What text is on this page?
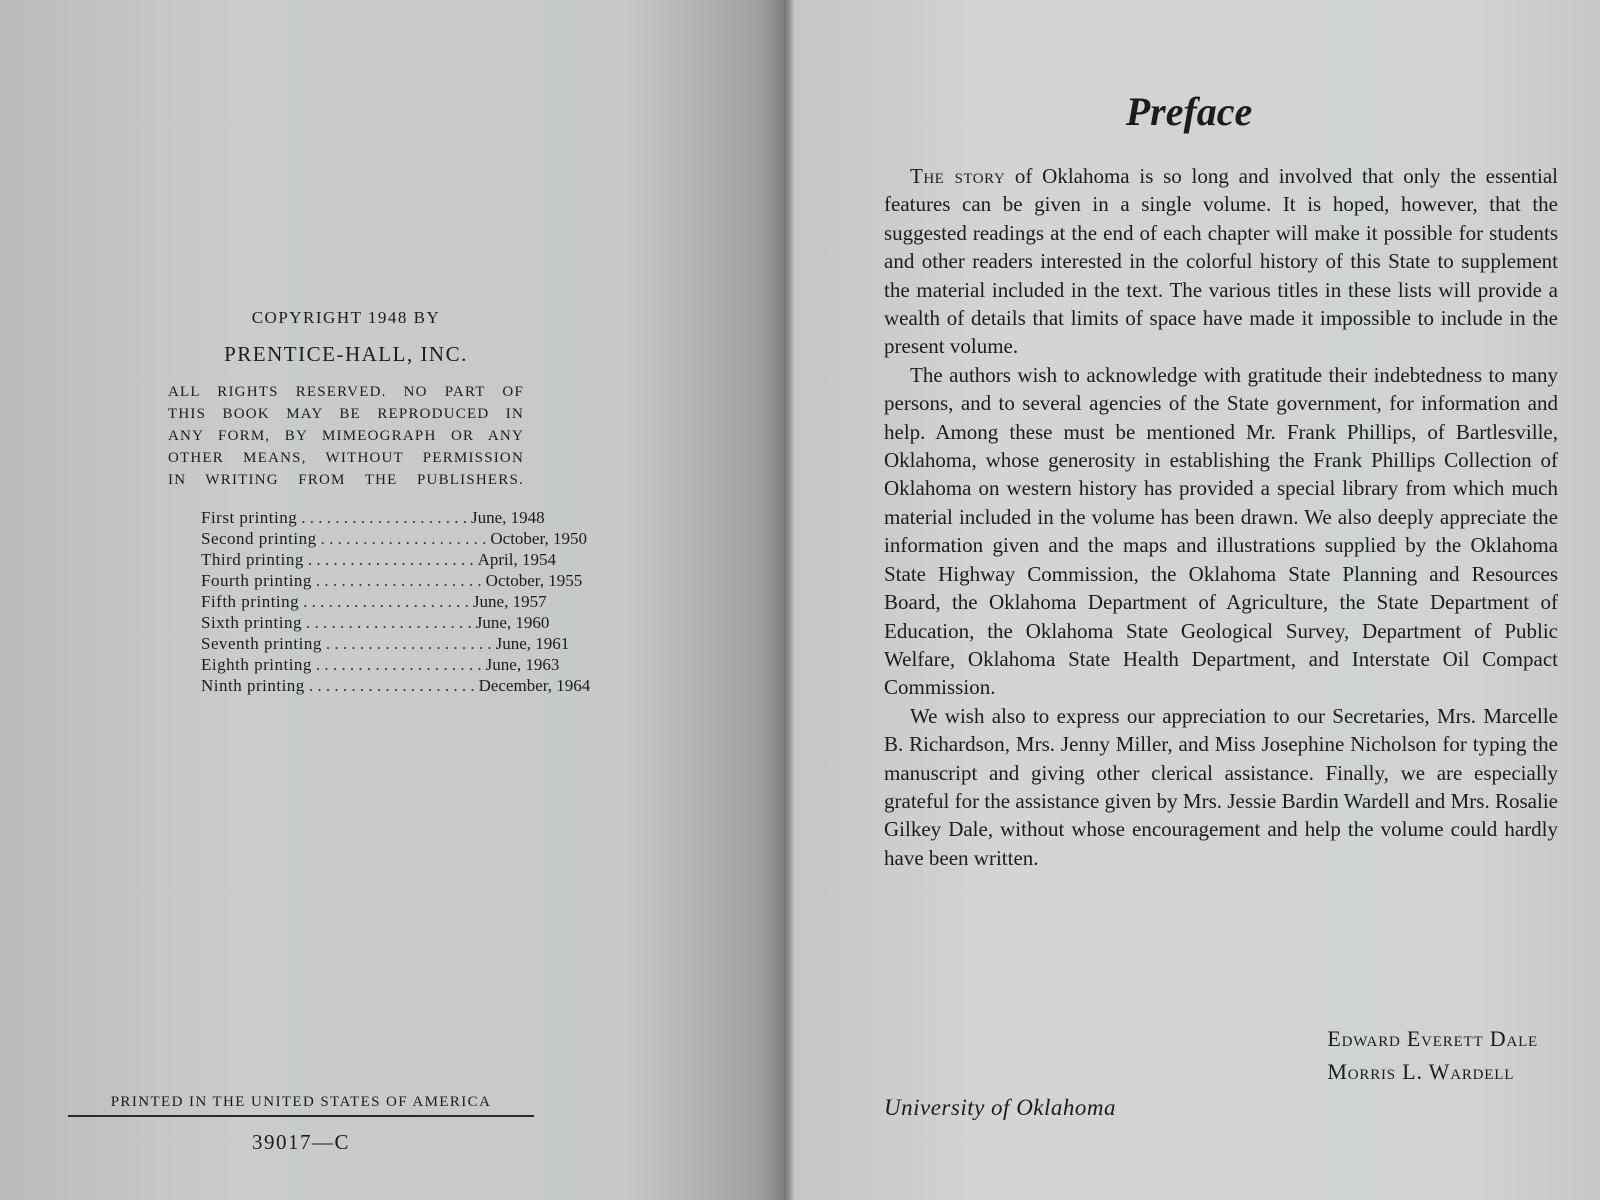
COPYRIGHT 1948 BY
PRENTICE-HALL, INC.
ALL RIGHTS RESERVED. NO PART OF
THIS BOOK MAY BE REPRODUCED IN
ANY FORM, BY MIMEOGRAPH OR ANY
OTHER MEANS, WITHOUT PERMISSION
IN WRITING FROM THE PUBLISHERS.
First printing . . . . . . . . . . . . . . . . . . . . June, 1948
Second printing . . . . . . . . . . . . . . . . . . . . October, 1950
Third printing . . . . . . . . . . . . . . . . . . . . April, 1954
Fourth printing . . . . . . . . . . . . . . . . . . . . October, 1955
Fifth printing . . . . . . . . . . . . . . . . . . . . June, 1957
Sixth printing . . . . . . . . . . . . . . . . . . . . June, 1960
Seventh printing . . . . . . . . . . . . . . . . . . . . June, 1961
Eighth printing . . . . . . . . . . . . . . . . . . . . June, 1963
Ninth printing . . . . . . . . . . . . . . . . . . . . December, 1964
PRINTED IN THE UNITED STATES OF AMERICA
39017—C
Preface

The story of Oklahoma is so long and involved that only the essential features can be given in a single volume. It is hoped, however, that the suggested readings at the end of each chapter will make it possible for students and other readers interested in the colorful history of this State to supplement the material included in the text. The various titles in these lists will provide a wealth of details that limits of space have made it impossible to include in the present volume.

The authors wish to acknowledge with gratitude their indebtedness to many persons, and to several agencies of the State government, for information and help. Among these must be mentioned Mr. Frank Phillips, of Bartlesville, Oklahoma, whose generosity in establishing the Frank Phillips Collection of Oklahoma on western history has provided a special library from which much material included in the volume has been drawn. We also deeply appreciate the information given and the maps and illustrations supplied by the Oklahoma State Highway Commission, the Oklahoma State Planning and Resources Board, the Oklahoma Department of Agriculture, the State Department of Education, the Oklahoma State Geological Survey, Department of Public Welfare, Oklahoma State Health Department, and Interstate Oil Compact Commission.

We wish also to express our appreciation to our Secretaries, Mrs. Marcelle B. Richardson, Mrs. Jenny Miller, and Miss Josephine Nicholson for typing the manuscript and giving other clerical assistance. Finally, we are especially grateful for the assistance given by Mrs. Jessie Bardin Wardell and Mrs. Rosalie Gilkey Dale, without whose encouragement and help the volume could hardly have been written.

Edward Everett Dale
Morris L. Wardell
University of Oklahoma
